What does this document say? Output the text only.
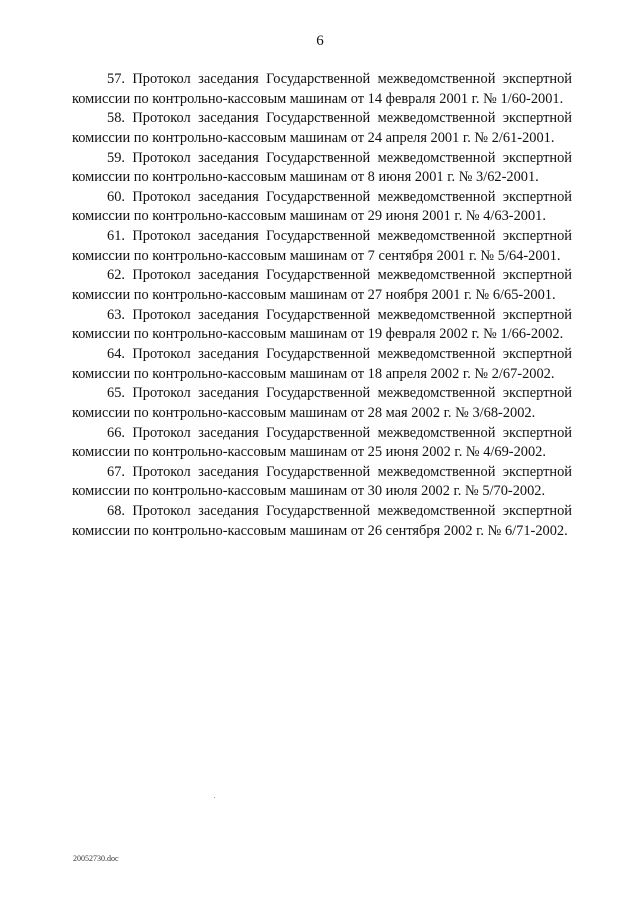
6

57. Протокол заседания Государственной межведомственной экспертной комиссии по контрольно-кассовым машинам от 14 февраля 2001 г. № 1/60-2001.

58. Протокол заседания Государственной межведомственной экспертной комиссии по контрольно-кассовым машинам от 24 апреля 2001 г. № 2/61-2001.

59. Протокол заседания Государственной межведомственной экспертной комиссии по контрольно-кассовым машинам от 8 июня 2001 г. № 3/62-2001.

60. Протокол заседания Государственной межведомственной экспертной комиссии по контрольно-кассовым машинам от 29 июня 2001 г. № 4/63-2001.

61. Протокол заседания Государственной межведомственной экспертной комиссии по контрольно-кассовым машинам от 7 сентября 2001 г. № 5/64-2001.

62. Протокол заседания Государственной межведомственной экспертной комиссии по контрольно-кассовым машинам от 27 ноября 2001 г. № 6/65-2001.

63. Протокол заседания Государственной межведомственной экспертной комиссии по контрольно-кассовым машинам от 19 февраля 2002 г. № 1/66-2002.

64. Протокол заседания Государственной межведомственной экспертной комиссии по контрольно-кассовым машинам от 18 апреля 2002 г. № 2/67-2002.

65. Протокол заседания Государственной межведомственной экспертной комиссии по контрольно-кассовым машинам от 28 мая 2002 г. № 3/68-2002.

66. Протокол заседания Государственной межведомственной экспертной комиссии по контрольно-кассовым машинам от 25 июня 2002 г. № 4/69-2002.

67. Протокол заседания Государственной межведомственной экспертной комиссии по контрольно-кассовым машинам от 30 июля 2002 г. № 5/70-2002.

68. Протокол заседания Государственной межведомственной экспертной комиссии по контрольно-кассовым машинам от 26 сентября 2002 г. № 6/71-2002.

20052730.doc
